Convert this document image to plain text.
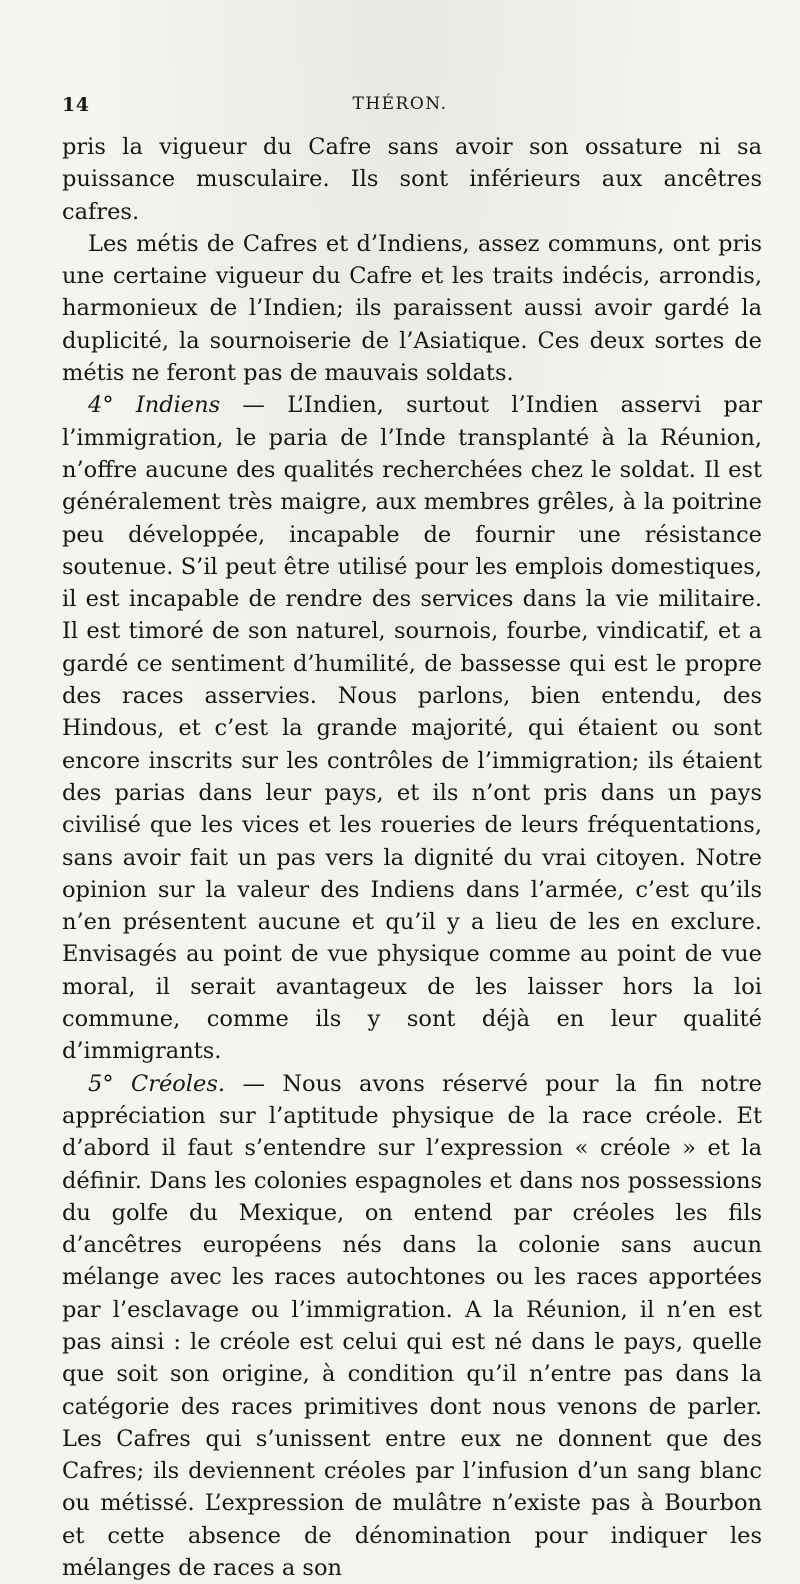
14	THÉRON.

pris la vigueur du Cafre sans avoir son ossature ni sa puissance musculaire. Ils sont inférieurs aux ancêtres cafres.

Les métis de Cafres et d’Indiens, assez communs, ont pris une certaine vigueur du Cafre et les traits indécis, arrondis, harmonieux de l’Indien; ils paraissent aussi avoir gardé la duplicité, la sournoiserie de l’Asiatique. Ces deux sortes de métis ne feront pas de mauvais soldats.

4° Indiens — L’Indien, surtout l’Indien asservi par l’immigration, le paria de l’Inde transplanté à la Réunion, n’offre aucune des qualités recherchées chez le soldat. Il est généralement très maigre, aux membres grêles, à la poitrine peu développée, incapable de fournir une résistance soutenue. S’il peut être utilisé pour les emplois domestiques, il est incapable de rendre des services dans la vie militaire. Il est timoré de son naturel, sournois, fourbe, vindicatif, et a gardé ce sentiment d’humilité, de bassesse qui est le propre des races asservies. Nous parlons, bien entendu, des Hindous, et c’est la grande majorité, qui étaient ou sont encore inscrits sur les contrôles de l’immigration; ils étaient des parias dans leur pays, et ils n’ont pris dans un pays civilisé que les vices et les roueries de leurs fréquentations, sans avoir fait un pas vers la dignité du vrai citoyen. Notre opinion sur la valeur des Indiens dans l’armée, c’est qu’ils n’en présentent aucune et qu’il y a lieu de les en exclure. Envisagés au point de vue physique comme au point de vue moral, il serait avantageux de les laisser hors la loi commune, comme ils y sont déjà en leur qualité d’immigrants.

5° Créoles. — Nous avons réservé pour la fin notre appréciation sur l’aptitude physique de la race créole. Et d’abord il faut s’entendre sur l’expression « créole » et la définir. Dans les colonies espagnoles et dans nos possessions du golfe du Mexique, on entend par créoles les fils d’ancêtres européens nés dans la colonie sans aucun mélange avec les races autochtones ou les races apportées par l’esclavage ou l’immigration. A la Réunion, il n’en est pas ainsi : le créole est celui qui est né dans le pays, quelle que soit son origine, à condition qu’il n’entre pas dans la catégorie des races primitives dont nous venons de parler. Les Cafres qui s’unissent entre eux ne donnent que des Cafres; ils deviennent créoles par l’infusion d’un sang blanc ou métissé. L’expression de mulâtre n’existe pas à Bourbon et cette absence de dénomination pour indiquer les mélanges de races a son
